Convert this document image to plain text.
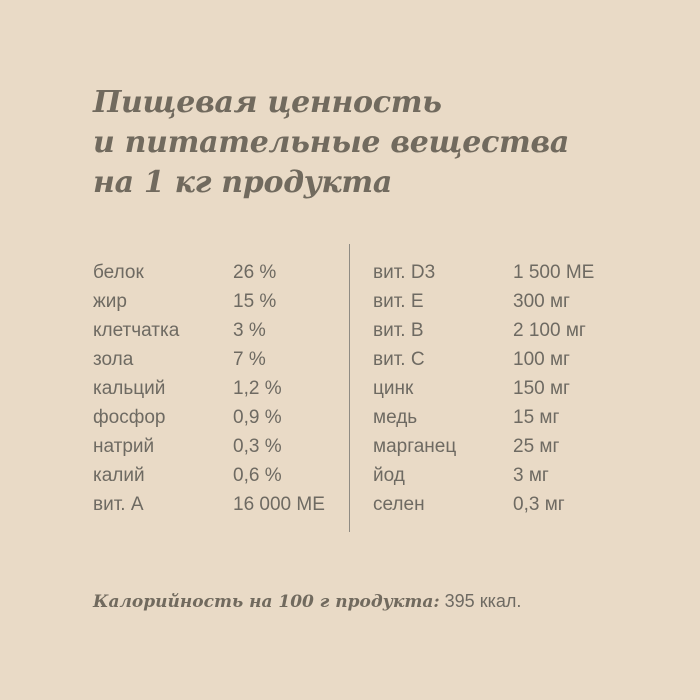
Пищевая ценность
и питательные вещества
на 1 кг продукта
белок	26 %
жир	15 %
клетчатка	3 %
зола	7 %
кальций	1,2 %
фосфор	0,9 %
натрий	0,3 %
калий	0,6 %
вит. А	16 000 МЕ
вит. D3	1 500 МЕ
вит. Е	300 мг
вит. В	2 100 мг
вит. С	100 мг
цинк	150 мг
медь	15 мг
марганец	25 мг
йод	3 мг
селен	0,3 мг
Калорийность на 100 г продукта: 395 ккал.
